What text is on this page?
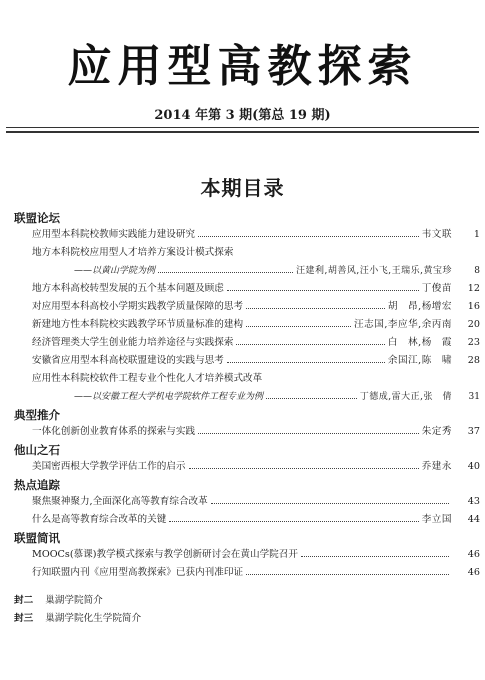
应用型高教探索
2014 年第 3 期(第总 19 期)
本期目录
联盟论坛
应用型本科院校教师实践能力建设研究	韦文联	1
地方本科院校应用型人才培养方案设计模式探索
——以黄山学院为例	汪建利,胡善风,汪小飞,王瑞乐,黄宝珍	8
地方本科高校转型发展的五个基本问题及顾虑	丁俊苗	12
对应用型本科高校小学期实践教学质量保障的思考	胡　昂,杨增宏	16
新建地方性本科院校实践教学环节质量标准的建构	汪志国,李应华,余丙南	20
经济管理类大学生创业能力培养途径与实践探索	白　林,杨　霞	23
安徽省应用型本科高校联盟建设的实践与思考	余国江,陈　啸	28
应用性本科院校软件工程专业个性化人才培养模式改革
——以安徽工程大学机电学院软件工程专业为例	丁德成,雷大正,张　倩	31
典型推介
一体化创新创业教育体系的探索与实践	朱定秀	37
他山之石
美国密西根大学教学评估工作的启示	乔建永	40
热点追踪
聚焦聚神聚力,全面深化高等教育综合改革	43
什么是高等教育综合改革的关键	李立国	44
联盟简讯
MOOCs(慕课)教学模式探索与教学创新研讨会在黄山学院召开	46
行知联盟内刊《应用型高教探索》已获内刊准印证	46
封二 巢湖学院简介
封三 巢湖学院化生学院简介
